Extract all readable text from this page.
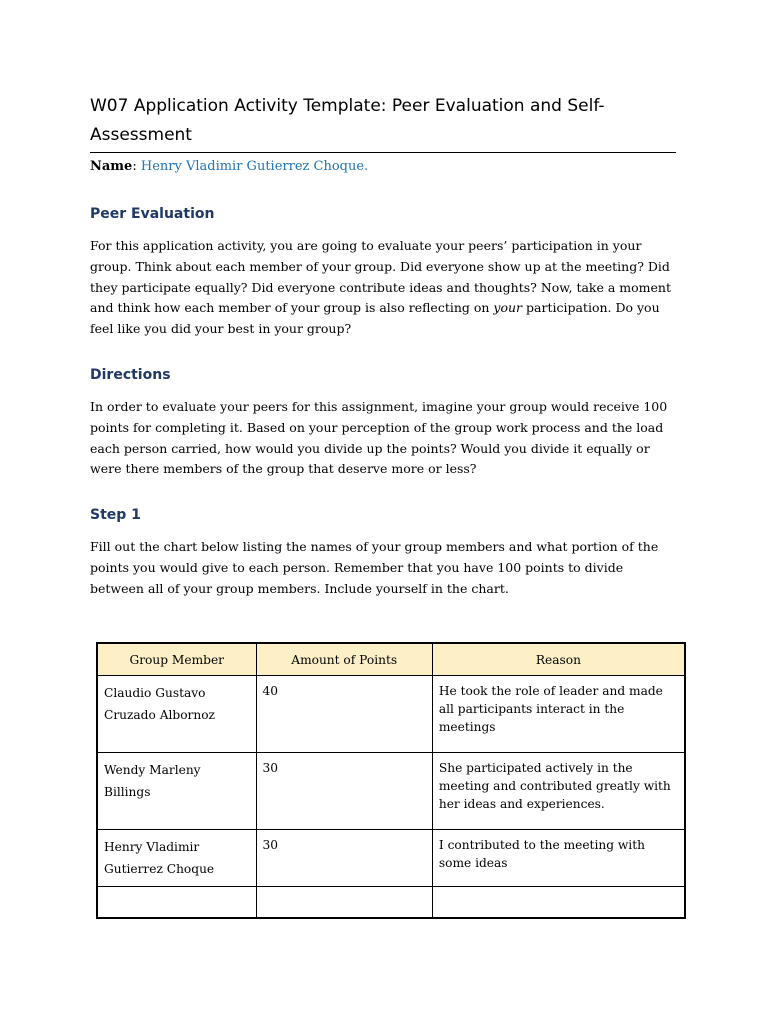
W07 Application Activity Template: Peer Evaluation and Self-Assessment
Name: Henry Vladimir Gutierrez Choque.
Peer Evaluation

For this application activity, you are going to evaluate your peers’ participation in your group. Think about each member of your group. Did everyone show up at the meeting? Did they participate equally? Did everyone contribute ideas and thoughts? Now, take a moment and think how each member of your group is also reflecting on your participation. Do you feel like you did your best in your group?

Directions

In order to evaluate your peers for this assignment, imagine your group would receive 100 points for completing it. Based on your perception of the group work process and the load each person carried, how would you divide up the points? Would you divide it equally or were there members of the group that deserve more or less?

Step 1

Fill out the chart below listing the names of your group members and what portion of the points you would give to each person. Remember that you have 100 points to divide between all of your group members. Include yourself in the chart.

Group Member	Amount of Points	Reason
Claudio Gustavo Cruzado Albornoz	40	He took the role of leader and made all participants interact in the meetings
Wendy Marleny Billings	30	She participated actively in the meeting and contributed greatly with her ideas and experiences.
Henry Vladimir Gutierrez Choque	30	I contributed to the meeting with some ideas
